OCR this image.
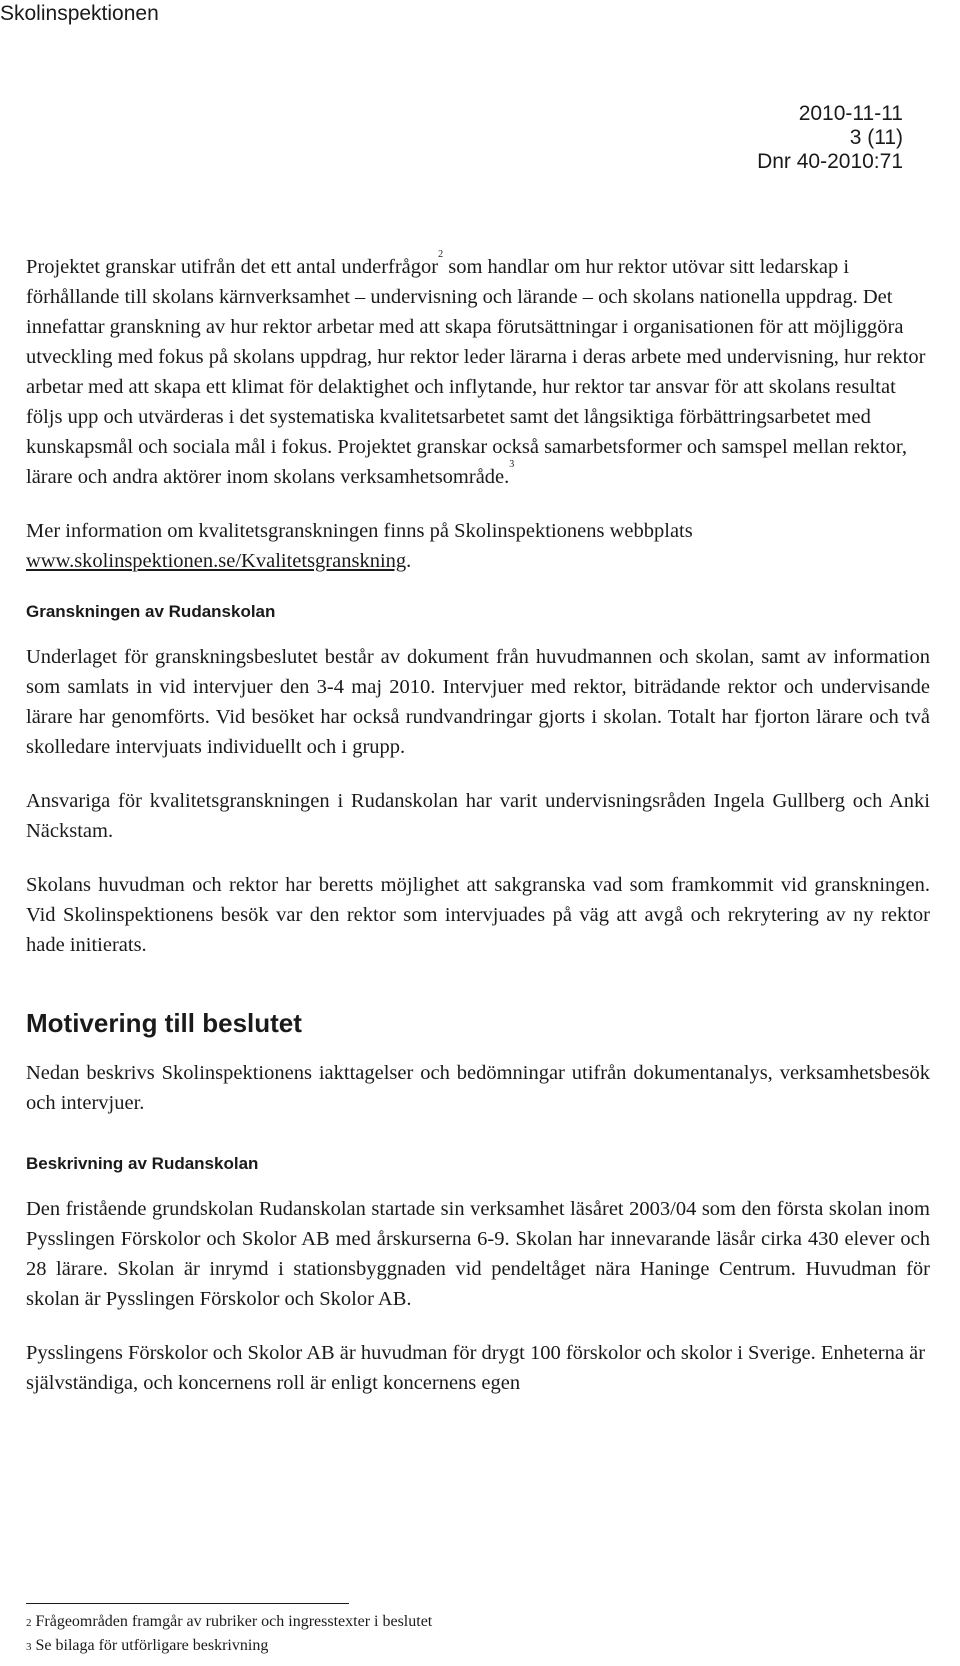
Skolinspektionen
2010-11-11
3 (11)
Dnr 40-2010:71

Projektet granskar utifrån det ett antal underfrågor$^2$ som handlar om hur rektor utövar sitt ledarskap i förhållande till skolans kärnverksamhet – undervisning och lärande – och skolans nationella uppdrag. Det innefattar granskning av hur rektor arbetar med att skapa förutsättningar i organisationen för att möjliggöra utveckling med fokus på skolans uppdrag, hur rektor leder lärarna i deras arbete med undervisning, hur rektor arbetar med att skapa ett klimat för delaktighet och inflytande, hur rektor tar ansvar för att skolans resultat följs upp och utvärderas i det systematiska kvalitetsarbetet samt det långsiktiga förbättringsarbetet med kunskapsmål och sociala mål i fokus. Projektet granskar också samarbetsformer och samspel mellan rektor, lärare och andra aktörer inom skolans verksamhetsområde.$^3$

Mer information om kvalitetsgranskningen finns på Skolinspektionens webbplats www.skolinspektionen.se/Kvalitetsgranskning.

Granskningen av Rudanskolan

Underlaget för granskningsbeslutet består av dokument från huvudmannen och skolan, samt av information som samlats in vid intervjuer den 3-4 maj 2010. Intervjuer med rektor, biträdande rektor och undervisande lärare har genomförts. Vid besöket har också rundvandringar gjorts i skolan. Totalt har fjorton lärare och två skolledare intervjuats individuellt och i grupp.

Ansvariga för kvalitetsgranskningen i Rudanskolan har varit undervisningsråden Ingela Gullberg och Anki Näckstam.

Skolans huvudman och rektor har beretts möjlighet att sakgranska vad som framkommit vid granskningen. Vid Skolinspektionens besök var den rektor som intervjuades på väg att avgå och rekrytering av ny rektor hade initierats.

Motivering till beslutet

Nedan beskrivs Skolinspektionens iakttagelser och bedömningar utifrån dokumentanalys, verksamhetsbesök och intervjuer.

Beskrivning av Rudanskolan

Den fristående grundskolan Rudanskolan startade sin verksamhet läsåret 2003/04 som den första skolan inom Pysslingen Förskolor och Skolor AB med årskurserna 6-9. Skolan har innevarande läsår cirka 430 elever och 28 lärare. Skolan är inrymd i stationsbyggnaden vid pendeltåget nära Haninge Centrum. Huvudman för skolan är Pysslingen Förskolor och Skolor AB.

Pysslingens Förskolor och Skolor AB är huvudman för drygt 100 förskolor och skolor i Sverige. Enheterna är självständiga, och koncernens roll är enligt koncernens egen

$^2$ Frågeområden framgår av rubriker och ingresstexter i beslutet
$^3$ Se bilaga för utförligare beskrivning
